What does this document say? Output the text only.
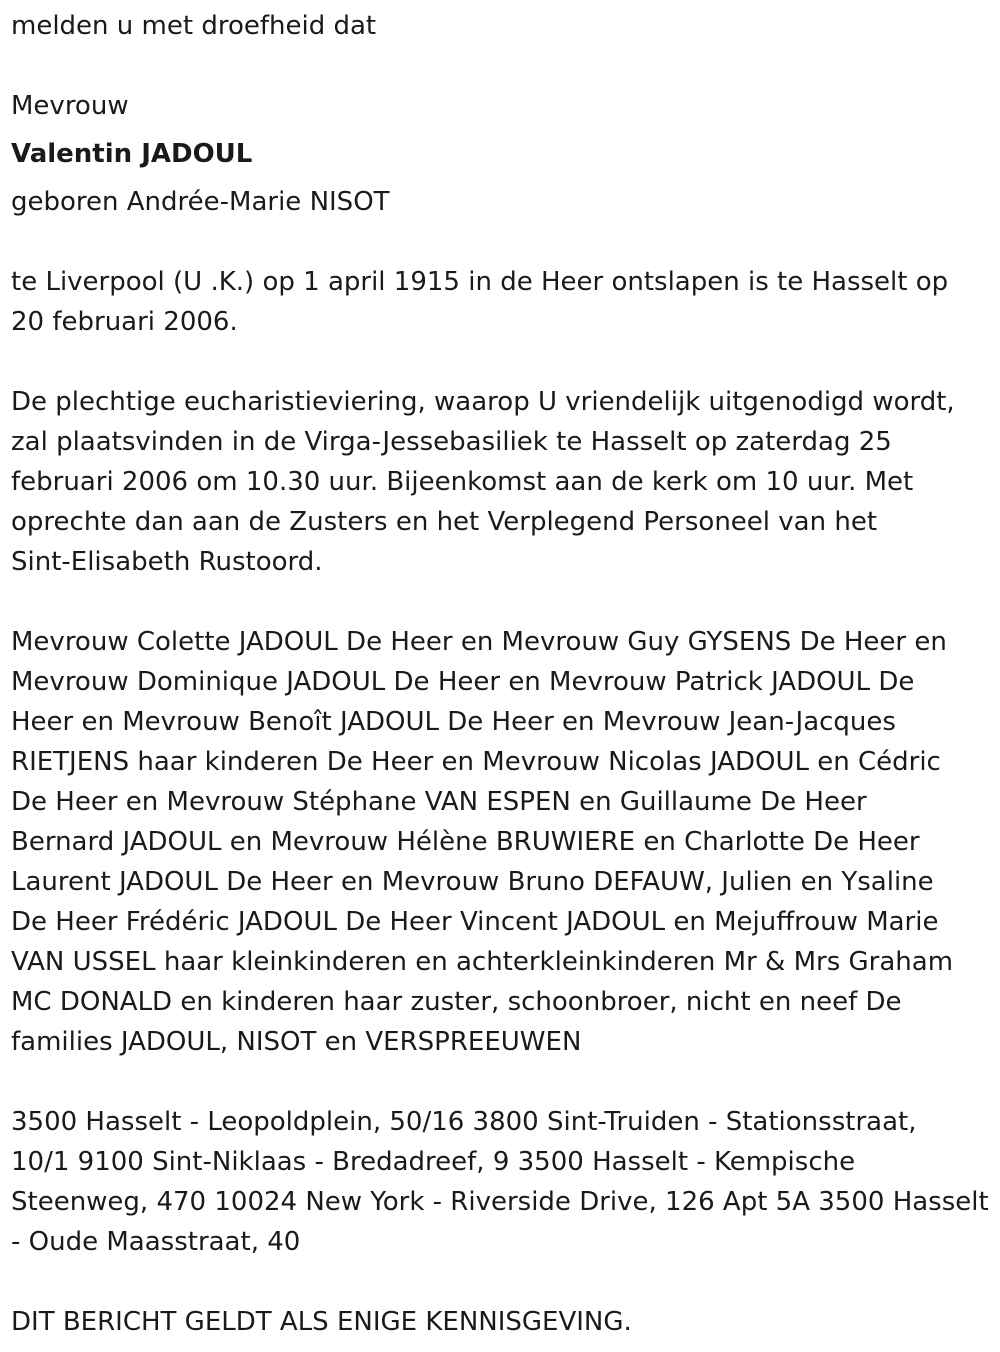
melden u met droefheid dat

Mevrouw

Valentin JADOUL

geboren Andrée-Marie NISOT

te Liverpool (U .K.) op 1 april 1915 in de Heer ontslapen is te Hasselt op
20 februari 2006.

De plechtige eucharistieviering, waarop U vriendelijk uitgenodigd wordt,
zal plaatsvinden in de Virga-Jessebasiliek te Hasselt op zaterdag 25
februari 2006 om 10.30 uur. Bijeenkomst aan de kerk om 10 uur. Met
oprechte dan aan de Zusters en het Verplegend Personeel van het
Sint-Elisabeth Rustoord.

Mevrouw Colette JADOUL De Heer en Mevrouw Guy GYSENS De Heer en
Mevrouw Dominique JADOUL De Heer en Mevrouw Patrick JADOUL De
Heer en Mevrouw Benoît JADOUL De Heer en Mevrouw Jean-Jacques
RIETJENS haar kinderen De Heer en Mevrouw Nicolas JADOUL en Cédric
De Heer en Mevrouw Stéphane VAN ESPEN en Guillaume De Heer
Bernard JADOUL en Mevrouw Hélène BRUWIERE en Charlotte De Heer
Laurent JADOUL De Heer en Mevrouw Bruno DEFAUW, Julien en Ysaline
De Heer Frédéric JADOUL De Heer Vincent JADOUL en Mejuffrouw Marie
VAN USSEL haar kleinkinderen en achterkleinkinderen Mr & Mrs Graham
MC DONALD en kinderen haar zuster, schoonbroer, nicht en neef De
families JADOUL, NISOT en VERSPREEUWEN

3500 Hasselt - Leopoldplein, 50/16 3800 Sint-Truiden - Stationsstraat,
10/1 9100 Sint-Niklaas - Bredadreef, 9 3500 Hasselt - Kempische
Steenweg, 470 10024 New York - Riverside Drive, 126 Apt 5A 3500 Hasselt
- Oude Maasstraat, 40

DIT BERICHT GELDT ALS ENIGE KENNISGEVING.
